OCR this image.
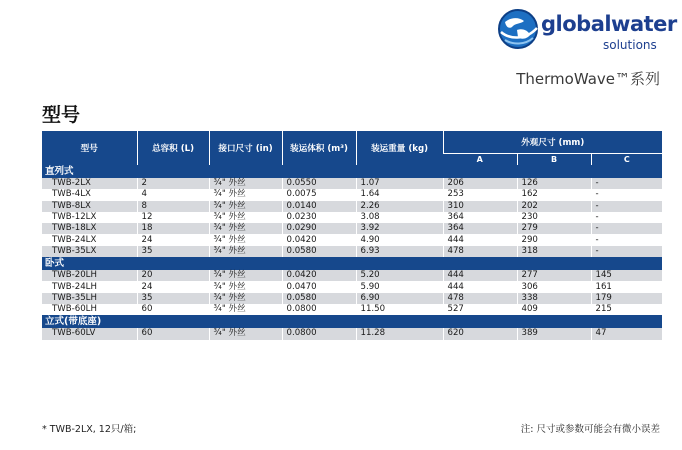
globalwater
solutions
ThermoWave™系列
型号
型号	总容积 (L)	接口尺寸 (in)	装运体积 (m³)	装运重量 (kg)	外观尺寸 (mm)		
					A	B	C
直列式							
TWB-2LX	2	¾" 外丝	0.0550	1.07	206	126	-
TWB-4LX	4	¾" 外丝	0.0075	1.64	253	162	-
TWB-8LX	8	¾" 外丝	0.0140	2.26	310	202	-
TWB-12LX	12	¾" 外丝	0.0230	3.08	364	230	-
TWB-18LX	18	¾" 外丝	0.0290	3.92	364	279	-
TWB-24LX	24	¾" 外丝	0.0420	4.90	444	290	-
TWB-35LX	35	¾" 外丝	0.0580	6.93	478	318	-
卧式							
TWB-20LH	20	¾" 外丝	0.0420	5.20	444	277	145
TWB-24LH	24	¾" 外丝	0.0470	5.90	444	306	161
TWB-35LH	35	¾" 外丝	0.0580	6.90	478	338	179
TWB-60LH	60	¾" 外丝	0.0800	11.50	527	409	215
立式(带底座)							
TWB-60LV	60	¾" 外丝	0.0800	11.28	620	389	47
* TWB-2LX, 12只/箱;	注: 尺寸或参数可能会有微小误差
